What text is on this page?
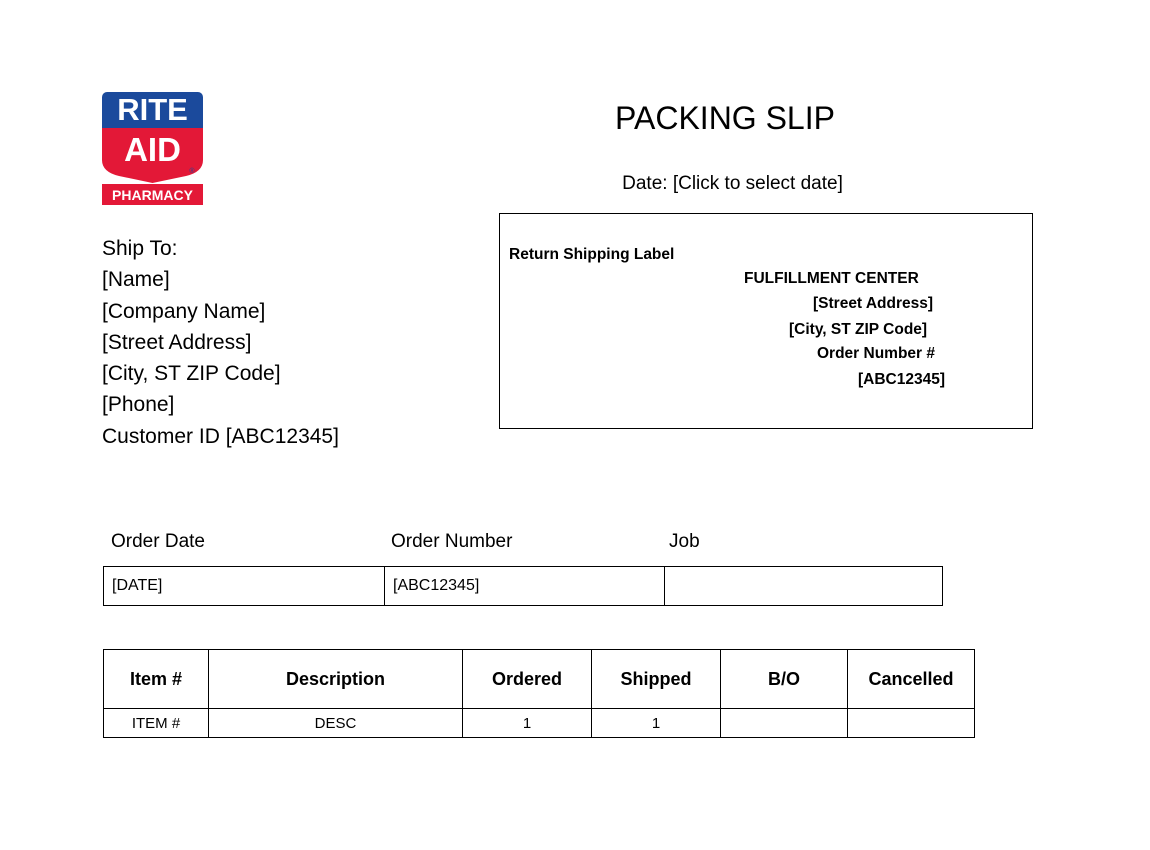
RITE
AID
®
PHARMACY
PACKING SLIP
Date: [Click to select date]
Ship To:
[Name]
[Company Name]
[Street Address]
[City, ST ZIP Code]
[Phone]
Customer ID [ABC12345]
Return Shipping Label
FULFILLMENT CENTER
[Street Address]
[City, ST ZIP Code]
Order Number #
[ABC12345]
Order Date	Order Number	Job
[DATE]	[ABC12345]	
Item #	Description	Ordered	Shipped	B/O	Cancelled
ITEM #	DESC	1	1		
